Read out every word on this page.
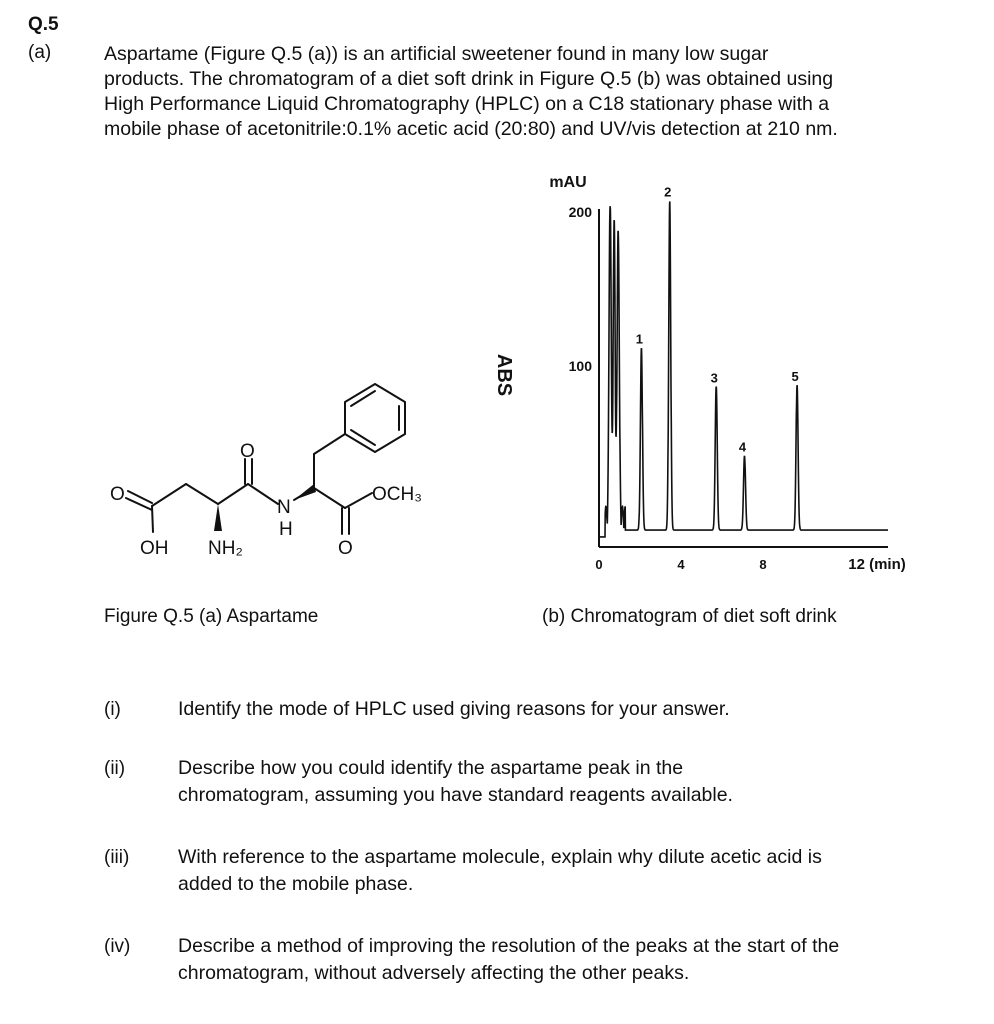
Q.5
(a)	Aspartame (Figure Q.5 (a)) is an artificial sweetener found in many low sugar

products. The chromatogram of a diet soft drink in Figure Q.5 (b) was obtained using

High Performance Liquid Chromatography (HPLC) on a C18 stationary phase with a

mobile phase of acetonitrile:0.1% acetic acid (20:80) and UV/vis detection at 210 nm.

O
OH NH₂
O
N
H
OCH₃
O
mAU
ABS
200
100
0	4	8	12 (min)
1
2
3
4
5
Figure Q.5 (a) Aspartame	(b) Chromatogram of diet soft drink
(i)	Identify the mode of HPLC used giving reasons for your answer.

(ii)	Describe how you could identify the aspartame peak in the

chromatogram, assuming you have standard reagents available.

(iii) With reference to the aspartame molecule, explain why dilute acetic acid is

added to the mobile phase.

(iv) Describe a method of improving the resolution of the peaks at the start of the

chromatogram, without adversely affecting the other peaks.
